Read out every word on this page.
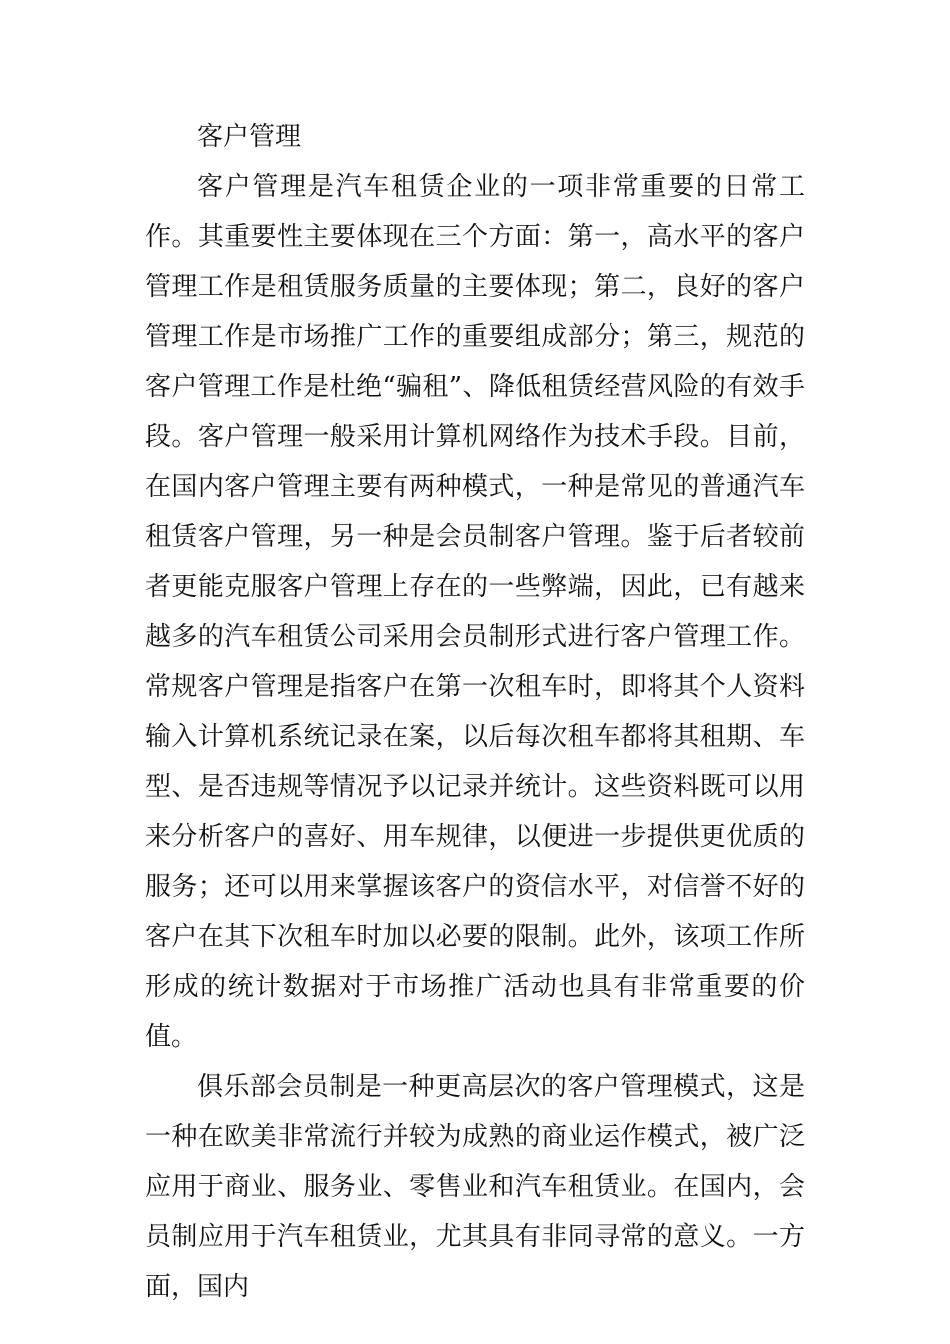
客户管理

客户管理是汽车租赁企业的一项非常重要的日常工作。其重要性主要体现在三个方面：第一，高水平的客户管理工作是租赁服务质量的主要体现；第二，良好的客户管理工作是市场推广工作的重要组成部分；第三，规范的客户管理工作是杜绝“骗租”、降低租赁经营风险的有效手段。客户管理一般采用计算机网络作为技术手段。目前，在国内客户管理主要有两种模式，一种是常见的普通汽车租赁客户管理，另一种是会员制客户管理。鉴于后者较前者更能克服客户管理上存在的一些弊端，因此，已有越来越多的汽车租赁公司采用会员制形式进行客户管理工作。常规客户管理是指客户在第一次租车时，即将其个人资料输入计算机系统记录在案，以后每次租车都将其租期、车型、是否违规等情况予以记录并统计。这些资料既可以用来分析客户的喜好、用车规律，以便进一步提供更优质的服务；还可以用来掌握该客户的资信水平，对信誉不好的客户在其下次租车时加以必要的限制。此外，该项工作所形成的统计数据对于市场推广活动也具有非常重要的价值。

俱乐部会员制是一种更高层次的客户管理模式，这是一种在欧美非常流行并较为成熟的商业运作模式，被广泛应用于商业、服务业、零售业和汽车租赁业。在国内，会员制应用于汽车租赁业，尤其具有非同寻常的意义。一方面，国内
